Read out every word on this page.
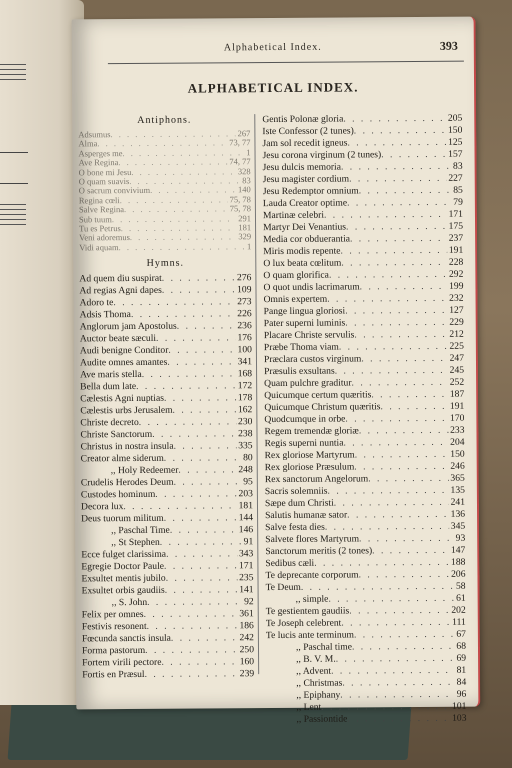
Alphabetical Index.	393
ALPHABETICAL INDEX.
Antiphons.
Adsumus . . .	267
Alma . . .	73, 77
Asperges me . . .	1
Ave Regina . . .	74, 77
O bone mi Jesu . . .	328
O quam suavis . . .	83
O sacrum convivium . . .	140
Regina cœli . . .	75, 78
Salve Regina . . .	75, 78
Sub tuum . . .	291
Tu es Petrus . . .	181
Veni adoremus . . .	329
Vidi aquam . . .	1
Hymns.
Ad quem diu suspirat . . .	276
Ad regias Agni dapes . . .	109
Adoro te . . .	273
Adsis Thoma . . .	226
Anglorum jam Apostolus . . .	236
Auctor beate sæculi . . .	176
Audi benigne Conditor . . .	100
Audite omnes amantes . . .	341
Ave maris stella . . .	168
Bella dum late . . .	172
Cælestis Agni nuptias . . .	178
Cælestis urbs Jerusalem . . .	162
Christe decreto . . .	230
Christe Sanctorum . . .	238
Christus in nostra insula . . .	335
Creator alme siderum . . .	80
,, Holy Redeemer . . .	248
Crudelis Herodes Deum . . .	95
Custodes hominum . . .	203
Decora lux . . .	181
Deus tuorum militum . . .	144
,, Paschal Time . . .	146
,, St Stephen . . .	91
Ecce fulget clarissima . . .	343
Egregie Doctor Paule . . .	171
Exsultet mentis jubilo . . .	235
Exsultet orbis gaudiis . . .	141
,, S. John . . .	92
Felix per omnes . . .	361
Festivis resonent . . .	186
Fœcunda sanctis insula . . .	242
Forma pastorum . . .	250
Fortem virili pectore . . .	160
Fortis en Præsul . . .	239
Gentis Polonæ gloria . . .	205
Iste Confessor (2 tunes) . . .	150
Jam sol recedit igneus . . .	125
Jesu corona virginum (2 tunes) . . .	157
Jesu dulcis memoria . . .	83
Jesu magister cordium . . .	227
Jesu Redemptor omnium . . .	85
Lauda Creator optime . . .	79
Martinæ celebri . . .	171
Martyr Dei Venantius . . .	175
Media cor obduerantia . . .	237
Miris modis repente . . .	191
O lux beata cœlitum . . .	228
O quam glorifica . . .	292
O quot undis lacrimarum . . .	199
Omnis expertem . . .	232
Pange lingua gloriosi . . .	127
Pater superni luminis . . .	229
Placare Christe servulis . . .	212
Præbe Thoma viam . . .	225
Præclara custos virginum . . .	247
Præsulis exsultans . . .	245
Quam pulchre graditur . . .	252
Quicumque certum quæritis . . .	187
Quicumque Christum quæritis . . .	191
Quodcumque in orbe . . .	170
Regem tremendæ gloriæ . . .	233
Regis superni nuntia . . .	204
Rex gloriose Martyrum . . .	150
Rex gloriose Præsulum . . .	246
Rex sanctorum Angelorum . . .	365
Sacris solemniis . . .	135
Sæpe dum Christi . . .	241
Salutis humanæ sator . . .	136
Salve festa dies . . .	345
Salvete flores Martyrum . . .	93
Sanctorum meritis (2 tones) . . .	147
Sedibus cæli . . .	188
Te deprecante corporum . . .	206
Te Deum . . .	58
,, simple . . .	61
Te gestientem gaudiis . . .	202
Te Joseph celebrent . . .	111
Te lucis ante terminum . . .	67
,, Paschal time . . .	68
,, B. V. M. . . .	69
,, Advent . . .	81
,, Christmas . . .	84
,, Epiphany . . .	96
,, Lent . . .	101
,, Passiontide . . .	103
